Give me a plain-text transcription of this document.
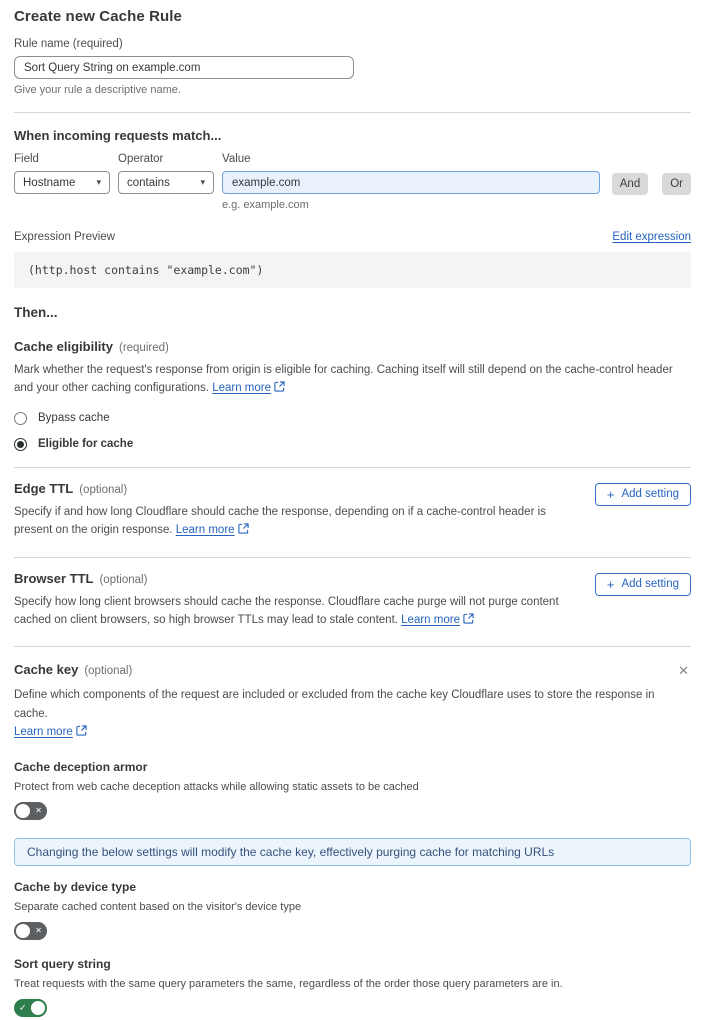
Create new Cache Rule
Rule name (required)
Sort Query String on example.com
Give your rule a descriptive name.
When incoming requests match...
Field
Hostname ▾
Operator
contains	▾
Value
example.com
e.g. example.com
And	Or
Expression Preview	Edit expression
(http.host contains "example.com")
Then...
Cache eligibility (required)
Mark whether the request's response from origin is eligible for caching. Caching itself will still depend on the cache-control header and your other caching configurations. Learn more
Bypass cache
Eligible for cache
Edge TTL (optional)
Specify if and how long Cloudflare should cache the response, depending on if a cache-control header is present on the origin response. Learn more
+ Add setting
Browser TTL (optional)
Specify how long client browsers should cache the response. Cloudflare cache purge will not purge content cached on client browsers, so high browser TTLs may lead to stale content. Learn more
+ Add setting
Cache key (optional)	✕
Define which components of the request are included or excluded from the cache key Cloudflare uses to store the response in cache.
Learn more
Cache deception armor
Protect from web cache deception attacks while allowing static assets to be cached
✕
Changing the below settings will modify the cache key, effectively purging cache for matching URLs
Cache by device type
Separate cached content based on the visitor's device type
✕
Sort query string
Treat requests with the same query parameters the same, regardless of the order those query parameters are in.
✓
